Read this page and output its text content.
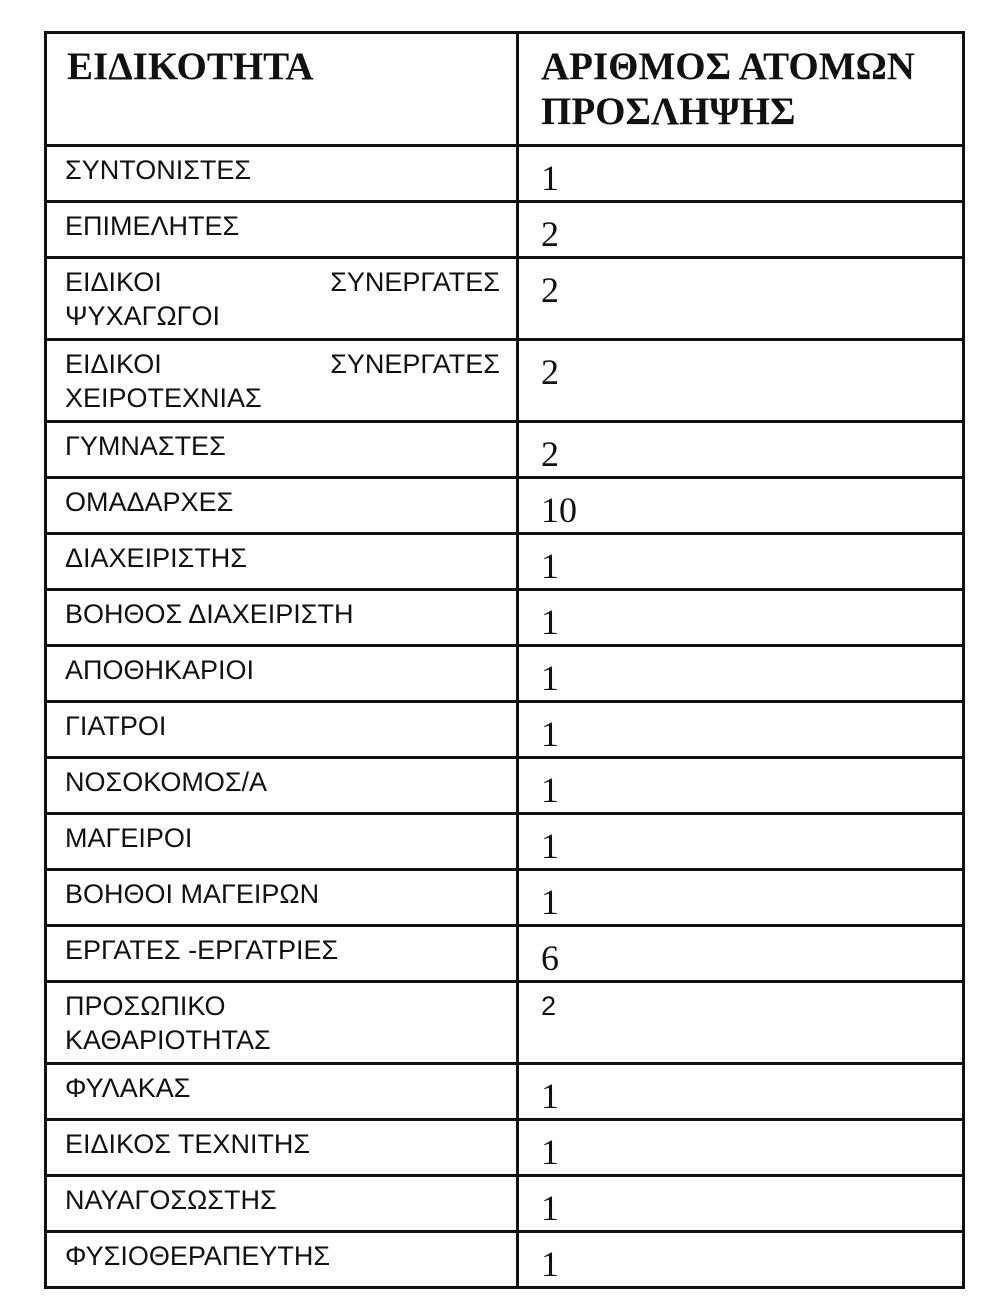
ΕΙΔΙΚΟΤΗΤΑ	ΑΡΙΘΜΟΣ ΑΤΟΜΩΝ
ΠΡΟΣΛΗΨΗΣ

ΣΥΝΤΟΝΙΣΤΕΣ	1
ΕΠΙΜΕΛΗΤΕΣ	2

ΕΙΔΙΚΟΙ ΣΥΝΕΡΓΑΤΕΣ
ΨΥΧΑΓΩΓΟΙ	2

ΕΙΔΙΚΟΙ ΣΥΝΕΡΓΑΤΕΣ
ΧΕΙΡΟΤΕΧΝΙΑΣ	2
ΓΥΜΝΑΣΤΕΣ	2
ΟΜΑΔΑΡΧΕΣ	10
ΔΙΑΧΕΙΡΙΣΤΗΣ	1
ΒΟΗΘΟΣ ΔΙΑΧΕΙΡΙΣΤΗ	1
ΑΠΟΘΗΚΑΡΙΟΙ	1
ΓΙΑΤΡΟΙ	1
ΝΟΣΟΚΟΜΟΣ/Α	1
ΜΑΓΕΙΡΟΙ	1
ΒΟΗΘΟΙ ΜΑΓΕΙΡΩΝ	1
ΕΡΓΑΤΕΣ -ΕΡΓΑΤΡΙΕΣ	6

ΠΡΟΣΩΠΙΚΟ
ΚΑΘΑΡΙΟΤΗΤΑΣ	2
ΦΥΛΑΚΑΣ	1
ΕΙΔΙΚΟΣ ΤΕΧΝΙΤΗΣ	1
ΝΑΥΑΓΟΣΩΣΤΗΣ	1
ΦΥΣΙΟΘΕΡΑΠΕΥΤΗΣ	1
